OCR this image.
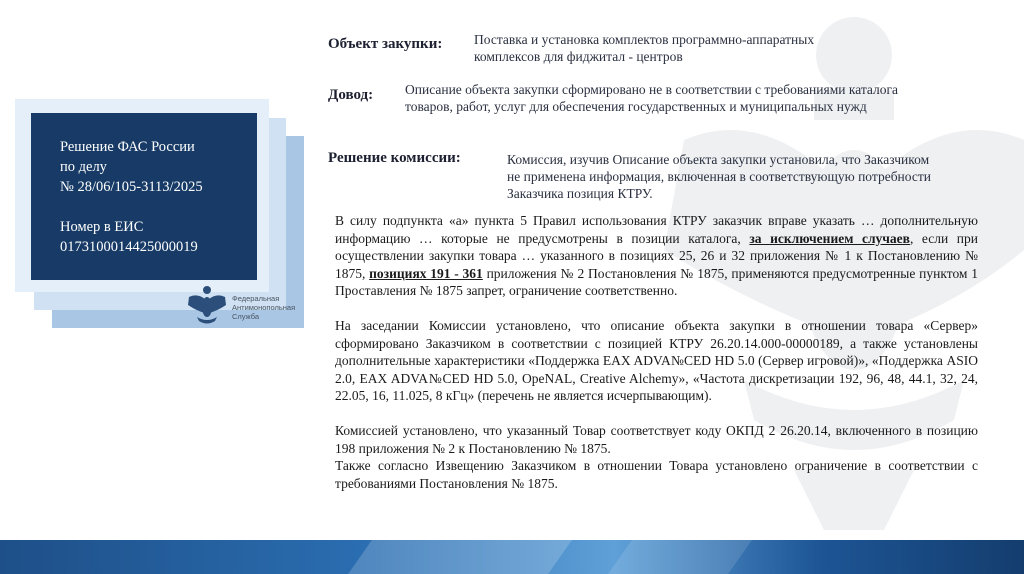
Решение ФАС России
по делу
№ 28/06/105-3113/2025
Номер в ЕИС
0173100014425000019
Федеральная
Антимонопольная
Служба
Объект закупки: Поставка и установка комплектов программно-аппаратных
комплексов для фиджитал - центров
Довод: Описание объекта закупки сформировано не в соответствии с требованиями каталога
товаров, работ, услуг для обеспечения государственных и муниципальных нужд
Решение комиссии:	Комиссия, изучив Описание объекта закупки установила, что Заказчиком
не применена информация, включенная в соответствующую потребности
Заказчика позиция КТРУ.

В силу подпункта «а» пункта 5 Правил использования КТРУ заказчик вправе указать … дополнительную информацию … которые не предусмотрены в позиции каталога, за исключением случаев, если при осуществлении закупки товара … указанного в позициях 25, 26 и 32 приложения № 1 к Постановлению № 1875, позициях 191 - 361 приложения № 2 Постановления № 1875, применяются предусмотренные пунктом 1 Проставления № 1875 запрет, ограничение соответственно.

На заседании Комиссии установлено, что описание объекта закупки в отношении товара «Сервер» сформировано Заказчиком в соответствии с позицией КТРУ 26.20.14.000-00000189, а также установлены дополнительные характеристики «Поддержка EAX ADVA№CED HD 5.0 (Сервер игровой)», «Поддержка ASIO 2.0, EAX ADVA№CED HD 5.0, OpeN​AL, Creative Alchemy», «Частота дискретизации 192, 96, 48, 44.1, 32, 24, 22.05, 16, 11.025, 8 кГц» (перечень не является исчерпывающим).

Комиссией установлено, что указанный Товар соответствует коду ОКПД 2 26.20.14, включенного в позицию 198 приложения № 2 к Постановлению № 1875.

Также согласно Извещению Заказчиком в отношении Товара установлено ограничение в соответствии с требованиями Постановления № 1875.
